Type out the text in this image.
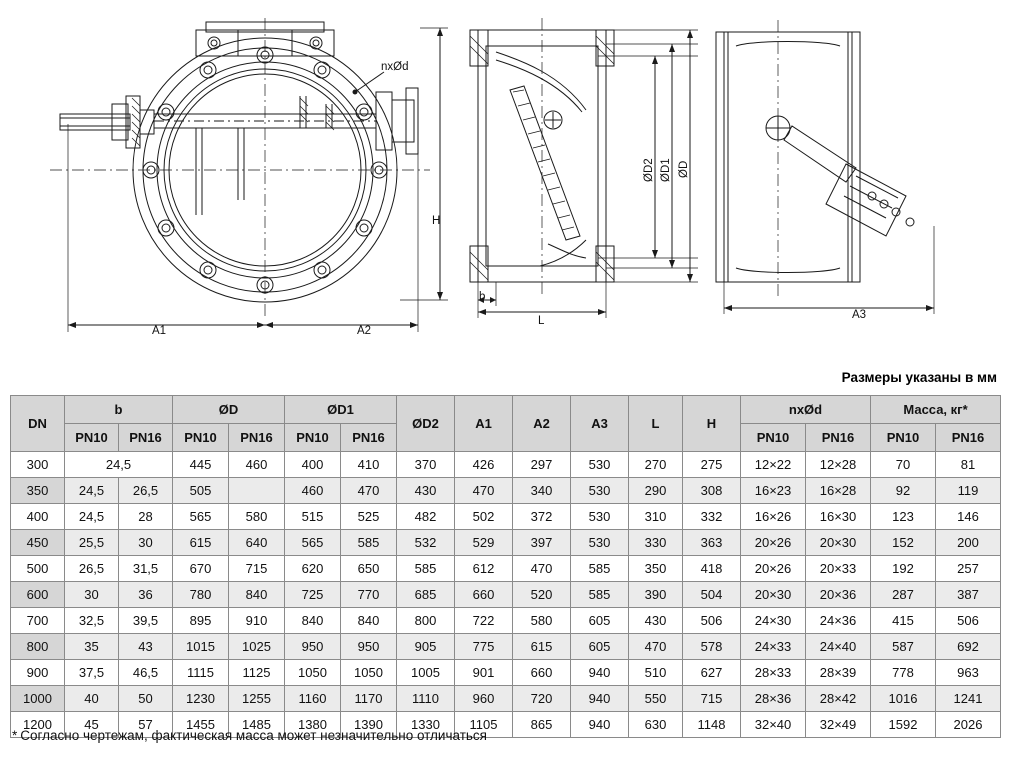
nxØd
H
A1	A2
b
L	A3
ØD2 ØD1 ØD
Размеры указаны в мм
DN	b		ØD		ØD1		ØD2	A1	A2	A3	L	H	nxØd		Масса, кг*	
	PN10	PN16	PN10	PN16	PN10	PN16							PN10	PN16	PN10	PN16
300	24,5		445	460	400	410	370	426	297	530	270	275	12×22	12×28	70	81
350	24,5	26,5	505		460	470	430	470	340	530	290	308	16×23	16×28	92	119
400	24,5	28	565	580	515	525	482	502	372	530	310	332	16×26	16×30	123	146
450	25,5	30	615	640	565	585	532	529	397	530	330	363	20×26	20×30	152	200
500	26,5	31,5	670	715	620	650	585	612	470	585	350	418	20×26	20×33	192	257
600	30	36	780	840	725	770	685	660	520	585	390	504	20×30	20×36	287	387
700	32,5	39,5	895	910	840	840	800	722	580	605	430	506	24×30	24×36	415	506
800	35	43	1015	1025	950	950	905	775	615	605	470	578	24×33	24×40	587	692
900	37,5	46,5	1115	1125	1050	1050	1005	901	660	940	510	627	28×33	28×39	778	963
1000	40	50	1230	1255	1160	1170	1110	960	720	940	550	715	28×36	28×42	1016	1241
1200	45	57	1455	1485	1380	1390	1330	1105	865	940	630	1148	32×40	32×49	1592	2026
* Согласно чертежам, фактическая масса может незначительно отличаться
